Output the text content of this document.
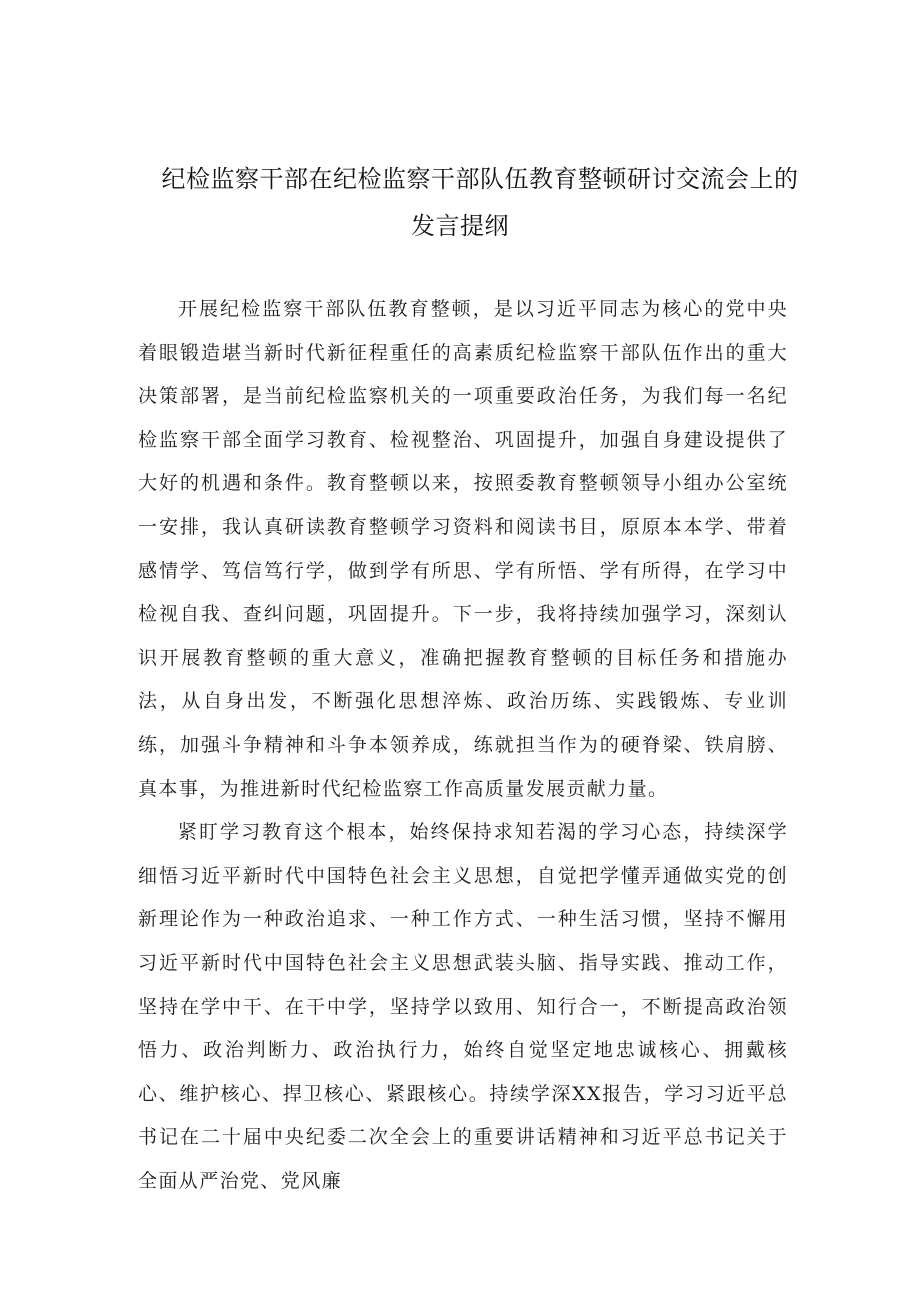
纪检监察干部在纪检监察干部队伍教育整顿研讨交流会上的
发言提纲

开展纪检监察干部队伍教育整顿，是以习近平同志为核心的党中央着眼锻造堪当新时代新征程重任的高素质纪检监察干部队伍作出的重大决策部署，是当前纪检监察机关的一项重要政治任务，为我们每一名纪检监察干部全面学习教育、检视整治、巩固提升，加强自身建设提供了大好的机遇和条件。教育整顿以来，按照委教育整顿领导小组办公室统一安排，我认真研读教育整顿学习资料和阅读书目，原原本本学、带着感情学、笃信笃行学，做到学有所思、学有所悟、学有所得，在学习中检视自我、查纠问题，巩固提升。下一步，我将持续加强学习，深刻认识开展教育整顿的重大意义，准确把握教育整顿的目标任务和措施办法，从自身出发，不断强化思想淬炼、政治历练、实践锻炼、专业训练，加强斗争精神和斗争本领养成，练就担当作为的硬脊梁、铁肩膀、真本事，为推进新时代纪检监察工作高质量发展贡献力量。

紧盯学习教育这个根本，始终保持求知若渴的学习心态，持续深学细悟习近平新时代中国特色社会主义思想，自觉把学懂弄通做实党的创新理论作为一种政治追求、一种工作方式、一种生活习惯，坚持不懈用习近平新时代中国特色社会主义思想武装头脑、指导实践、推动工作，坚持在学中干、在干中学，坚持学以致用、知行合一，不断提高政治领悟力、政治判断力、政治执行力，始终自觉坚定地忠诚核心、拥戴核心、维护核心、捍卫核心、紧跟核心。持续学深XX报告，学习习近平总书记在二十届中央纪委二次全会上的重要讲话精神和习近平总书记关于全面从严治党、党风廉
